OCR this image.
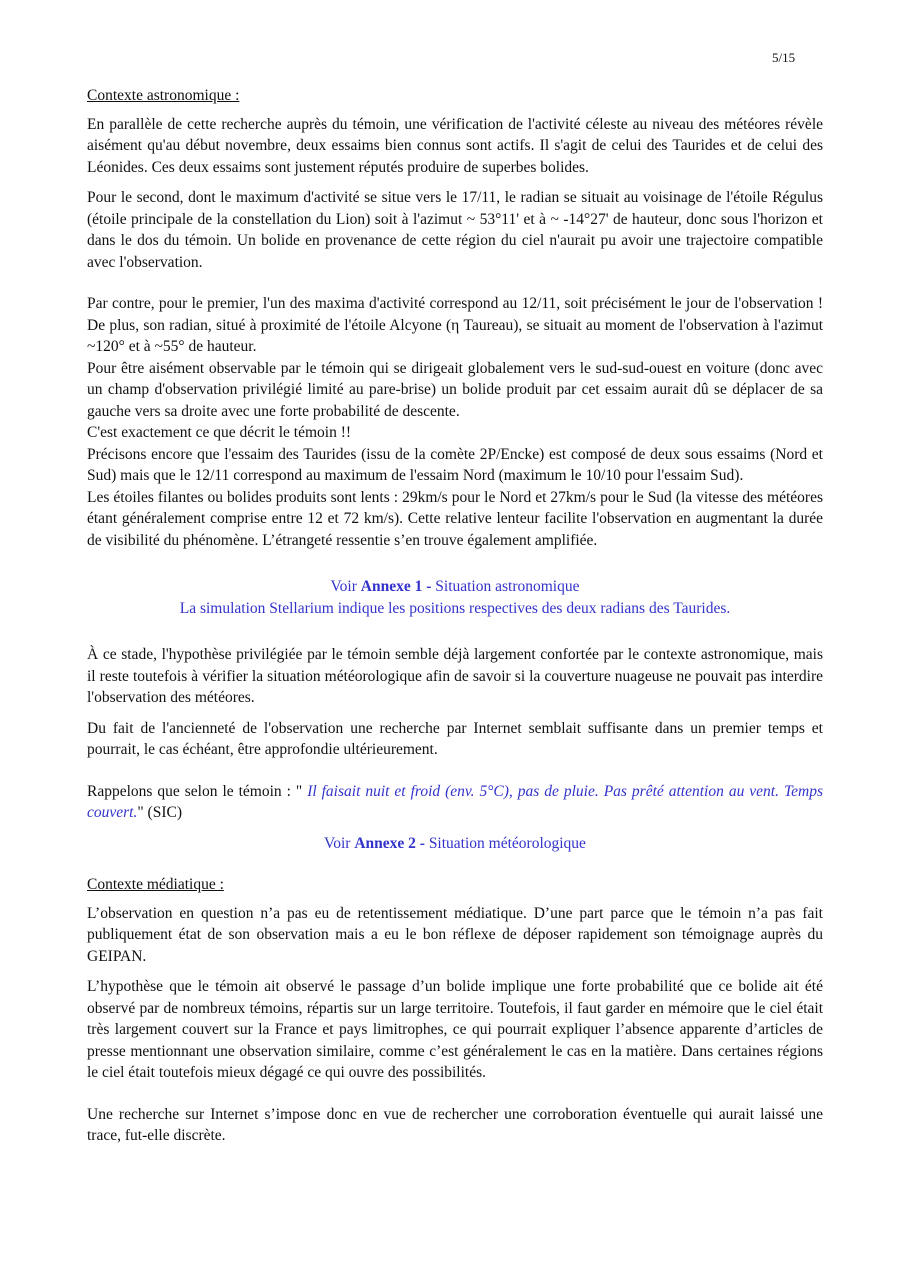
5/15

Contexte astronomique :

En parallèle de cette recherche auprès du témoin, une vérification de l'activité céleste au niveau des météores révèle aisément qu'au début novembre, deux essaims bien connus sont actifs. Il s'agit de celui des Taurides et de celui des Léonides. Ces deux essaims sont justement réputés produire de superbes bolides.

Pour le second, dont le maximum d'activité se situe vers le 17/11, le radian se situait au voisinage de l'étoile Régulus (étoile principale de la constellation du Lion) soit à l'azimut ~ 53°11' et à ~ -14°27' de hauteur, donc sous l'horizon et dans le dos du témoin. Un bolide en provenance de cette région du ciel n'aurait pu avoir une trajectoire compatible avec l'observation.

Par contre, pour le premier, l'un des maxima d'activité correspond au 12/11, soit précisément le jour de l'observation ! De plus, son radian, situé à proximité de l'étoile Alcyone (η Taureau), se situait au moment de l'observation à l'azimut ~120° et à ~55° de hauteur.

Pour être aisément observable par le témoin qui se dirigeait globalement vers le sud-sud-ouest en voiture (donc avec un champ d'observation privilégié limité au pare-brise) un bolide produit par cet essaim aurait dû se déplacer de sa gauche vers sa droite avec une forte probabilité de descente.

C'est exactement ce que décrit le témoin !!

Précisons encore que l'essaim des Taurides (issu de la comète 2P/Encke) est composé de deux sous essaims (Nord et Sud) mais que le 12/11 correspond au maximum de l'essaim Nord (maximum le 10/10 pour l'essaim Sud).

Les étoiles filantes ou bolides produits sont lents : 29km/s pour le Nord et 27km/s pour le Sud (la vitesse des météores étant généralement comprise entre 12 et 72 km/s). Cette relative lenteur facilite l'observation en augmentant la durée de visibilité du phénomène. L’étrangeté ressentie s’en trouve également amplifiée.

Voir Annexe 1 - Situation astronomique

La simulation Stellarium indique les positions respectives des deux radians des Taurides.

À ce stade, l'hypothèse privilégiée par le témoin semble déjà largement confortée par le contexte astronomique, mais il reste toutefois à vérifier la situation météorologique afin de savoir si la couverture nuageuse ne pouvait pas interdire l'observation des météores.

Du fait de l'ancienneté de l'observation une recherche par Internet semblait suffisante dans un premier temps et pourrait, le cas échéant, être approfondie ultérieurement.

Rappelons que selon le témoin : " Il faisait nuit et froid (env. 5°C), pas de pluie. Pas prêté attention au vent. Temps couvert." (SIC)

Voir Annexe 2 - Situation météorologique

Contexte médiatique :

L’observation en question n’a pas eu de retentissement médiatique. D’une part parce que le témoin n’a pas fait publiquement état de son observation mais a eu le bon réflexe de déposer rapidement son témoignage auprès du GEIPAN.

L’hypothèse que le témoin ait observé le passage d’un bolide implique une forte probabilité que ce bolide ait été observé par de nombreux témoins, répartis sur un large territoire. Toutefois, il faut garder en mémoire que le ciel était très largement couvert sur la France et pays limitrophes, ce qui pourrait expliquer l’absence apparente d’articles de presse mentionnant une observation similaire, comme c’est généralement le cas en la matière. Dans certaines régions le ciel était toutefois mieux dégagé ce qui ouvre des possibilités.

Une recherche sur Internet s’impose donc en vue de rechercher une corroboration éventuelle qui aurait laissé une trace, fut-elle discrète.
